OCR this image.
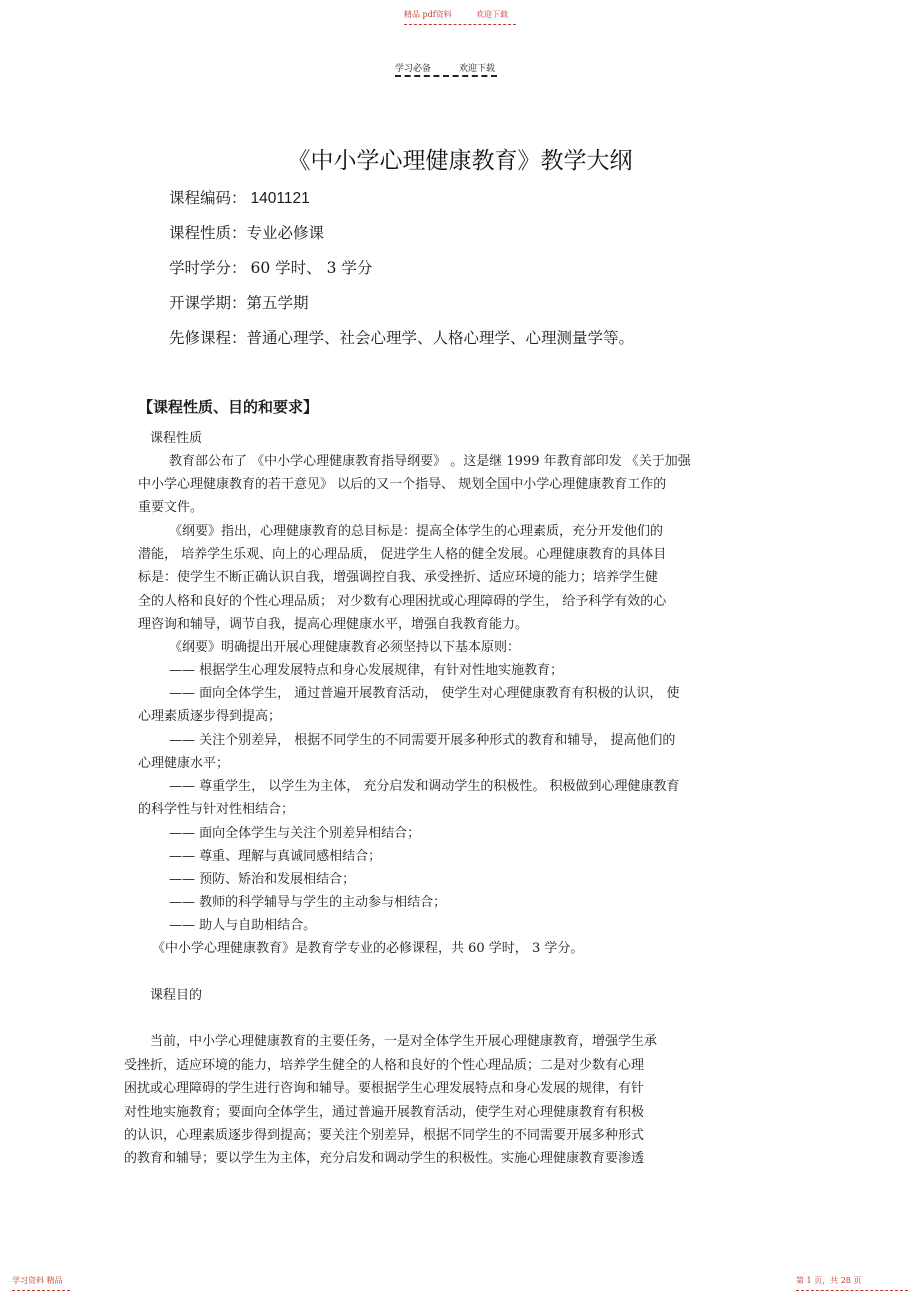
精品 pdf资料	欢迎下载
学习必备	欢迎下载
《中小学心理健康教育》教学大纲
课程编码： 1401121
课程性质：专业必修课
学时学分： 60 学时、 3 学分
开课学期：第五学期
先修课程：普通心理学、社会心理学、人格心理学、心理测量学等。
【课程性质、目的和要求】
课程性质
教育部公布了 《中小学心理健康教育指导纲要》 。这是继 1999 年教育部印发 《关于加强
中小学心理健康教育的若干意见》 以后的又一个指导、 规划全国中小学心理健康教育工作的
重要文件。
《纲要》指出，心理健康教育的总目标是：提高全体学生的心理素质，充分开发他们的
潜能， 培养学生乐观、向上的心理品质， 促进学生人格的健全发展。心理健康教育的具体目
标是：使学生不断正确认识自我，增强调控自我、承受挫折、适应环境的能力；培养学生健
全的人格和良好的个性心理品质； 对少数有心理困扰或心理障碍的学生， 给予科学有效的心
理咨询和辅导，调节自我，提高心理健康水平，增强自我教育能力。
《纲要》明确提出开展心理健康教育必须坚持以下基本原则：
—— 根据学生心理发展特点和身心发展规律，有针对性地实施教育；
—— 面向全体学生， 通过普遍开展教育活动， 使学生对心理健康教育有积极的认识， 使
心理素质逐步得到提高；
—— 关注个别差异， 根据不同学生的不同需要开展多种形式的教育和辅导， 提高他们的
心理健康水平；
—— 尊重学生， 以学生为主体， 充分启发和调动学生的积极性。 积极做到心理健康教育
的科学性与针对性相结合；
—— 面向全体学生与关注个别差异相结合；
—— 尊重、理解与真诚同感相结合；
—— 预防、矫治和发展相结合；
—— 教师的科学辅导与学生的主动参与相结合；
—— 助人与自助相结合。
《中小学心理健康教育》是教育学专业的必修课程，共 60 学时， 3 学分。
课程目的
当前，中小学心理健康教育的主要任务，一是对全体学生开展心理健康教育，增强学生承
受挫折，适应环境的能力，培养学生健全的人格和良好的个性心理品质；二是对少数有心理
困扰或心理障碍的学生进行咨询和辅导。要根据学生心理发展特点和身心发展的规律，有针
对性地实施教育；要面向全体学生，通过普遍开展教育活动，使学生对心理健康教育有积极
的认识，心理素质逐步得到提高；要关注个别差异，根据不同学生的不同需要开展多种形式
的教育和辅导；要以学生为主体，充分启发和调动学生的积极性。实施心理健康教育要渗透
学习资料 精品	第 1 页，共 28 页
